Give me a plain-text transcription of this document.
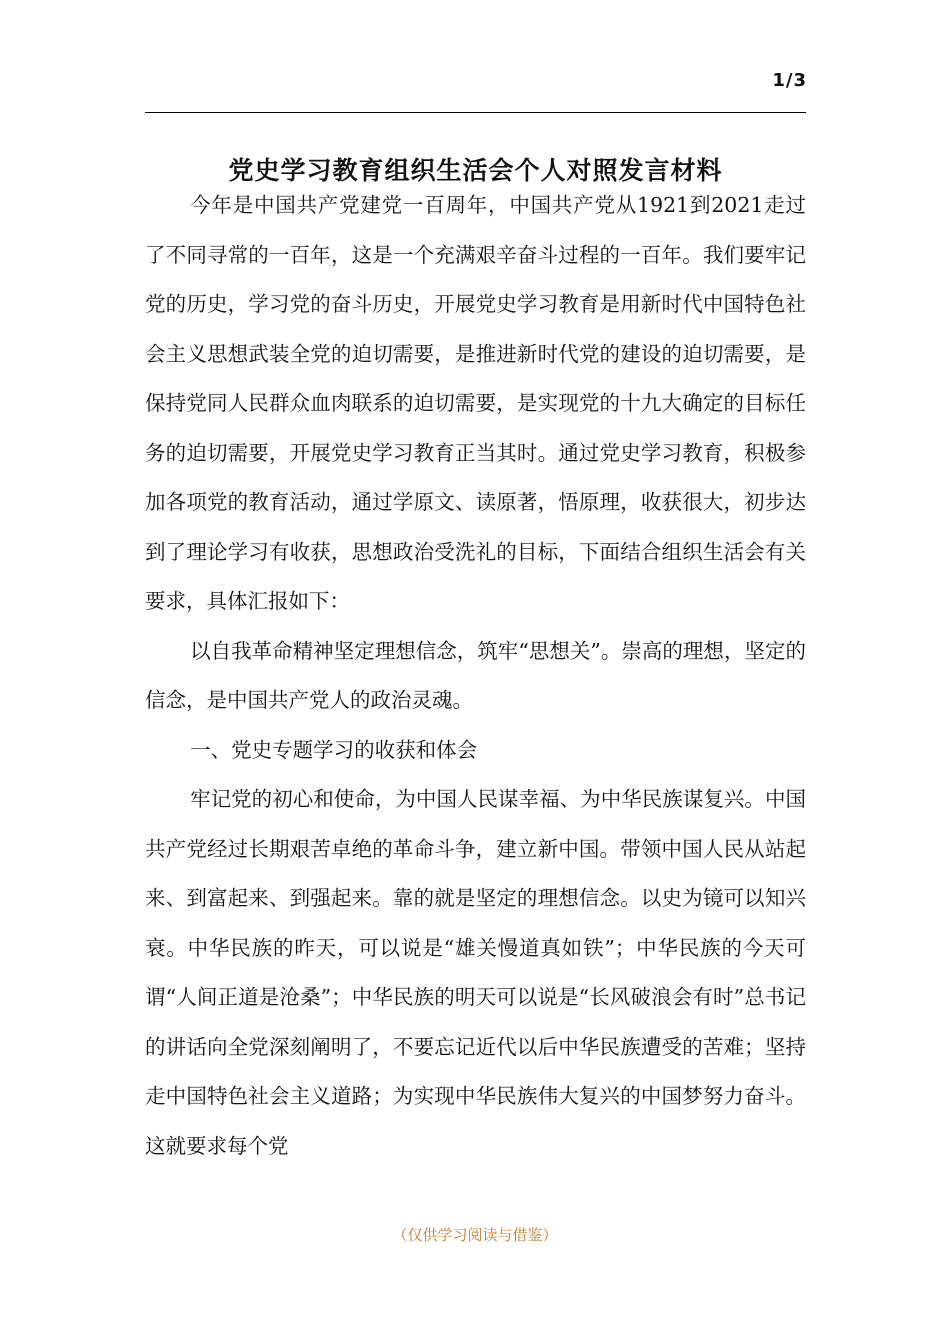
1/3
党史学习教育组织生活会个人对照发言材料

今年是中国共产党建党一百周年，中国共产党从1921到2021走过了不同寻常的一百年，这是一个充满艰辛奋斗过程的一百年。我们要牢记党的历史，学习党的奋斗历史，开展党史学习教育是用新时代中国特色社会主义思想武装全党的迫切需要，是推进新时代党的建设的迫切需要，是保持党同人民群众血肉联系的迫切需要，是实现党的十九大确定的目标任务的迫切需要，开展党史学习教育正当其时。通过党史学习教育，积极参加各项党的教育活动，通过学原文、读原著，悟原理，收获很大，初步达到了理论学习有收获，思想政治受洗礼的目标，下面结合组织生活会有关要求，具体汇报如下：

以自我革命精神坚定理想信念，筑牢“思想关”。崇高的理想，坚定的信念，是中国共产党人的政治灵魂。

一、党史专题学习的收获和体会

牢记党的初心和使命，为中国人民谋幸福、为中华民族谋复兴。中国共产党经过长期艰苦卓绝的革命斗争，建立新中国。带领中国人民从站起来、到富起来、到强起来。靠的就是坚定的理想信念。以史为镜可以知兴衰。中华民族的昨天，可以说是“雄关慢道真如铁”；中华民族的今天可谓“人间正道是沧桑”；中华民族的明天可以说是“长风破浪会有时”总书记的讲话向全党深刻阐明了，不要忘记近代以后中华民族遭受的苦难；坚持走中国特色社会主义道路；为实现中华民族伟大复兴的中国梦努力奋斗。这就要求每个党

（仅供学习阅读与借鉴）
